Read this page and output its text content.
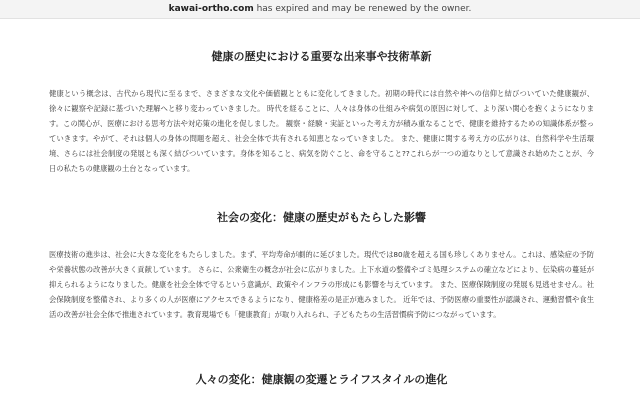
kawai-ortho.com has expired and may be renewed by the owner.
健康の歴史における重要な出来事や技術革新

健康という概念は、古代から現代に至るまで、さまざまな文化や価値観とともに変化してきました。初期の時代には自然や神への信仰と結びついていた健康観が、徐々に観察や記録に基づいた理解へと移り変わっていきました。 時代を経ることに、人々は身体の仕組みや病気の原因に対して、より深い関心を抱くようになります。この関心が、医療における思考方法や対応策の進化を促しました。 観察・経験・実証といった考え方が積み重なることで、健康を維持するための知識体系が整っていきます。やがて、それは個人の身体の問題を超え、社会全体で共有される知恵となっていきました。 また、健康に関する考え方の広がりは、自然科学や生活環境、さらには社会制度の発展とも深く結びついています。身体を知ること、病気を防ぐこと、命を守ること??これらが一つの道なりとして意識され始めたことが、今日の私たちの健康観の土台となっています。

社会の変化：健康の歴史がもたらした影響

医療技術の進歩は、社会に大きな変化をもたらしました。まず、平均寿命が劇的に延びました。現代では80歳を超える国も珍しくありません。これは、感染症の予防や栄養状態の改善が大きく貢献しています。 さらに、公衆衛生の概念が社会に広がりました。上下水道の整備やゴミ処理システムの確立などにより、伝染病の蔓延が抑えられるようになりました。健康を社会全体で守るという意識が、政策やインフラの形成にも影響を与えています。 また、医療保険制度の発展も見逃せません。社会保険制度を整備され、より多くの人が医療にアクセスできるようになり、健康格差の是正が進みました。 近年では、予防医療の重要性が認識され、運動習慣や食生活の改善が社会全体で推進されています。教育現場でも「健康教育」が取り入れられ、子どもたちの生活習慣病予防につながっています。

人々の変化：健康観の変遷とライフスタイルの進化
